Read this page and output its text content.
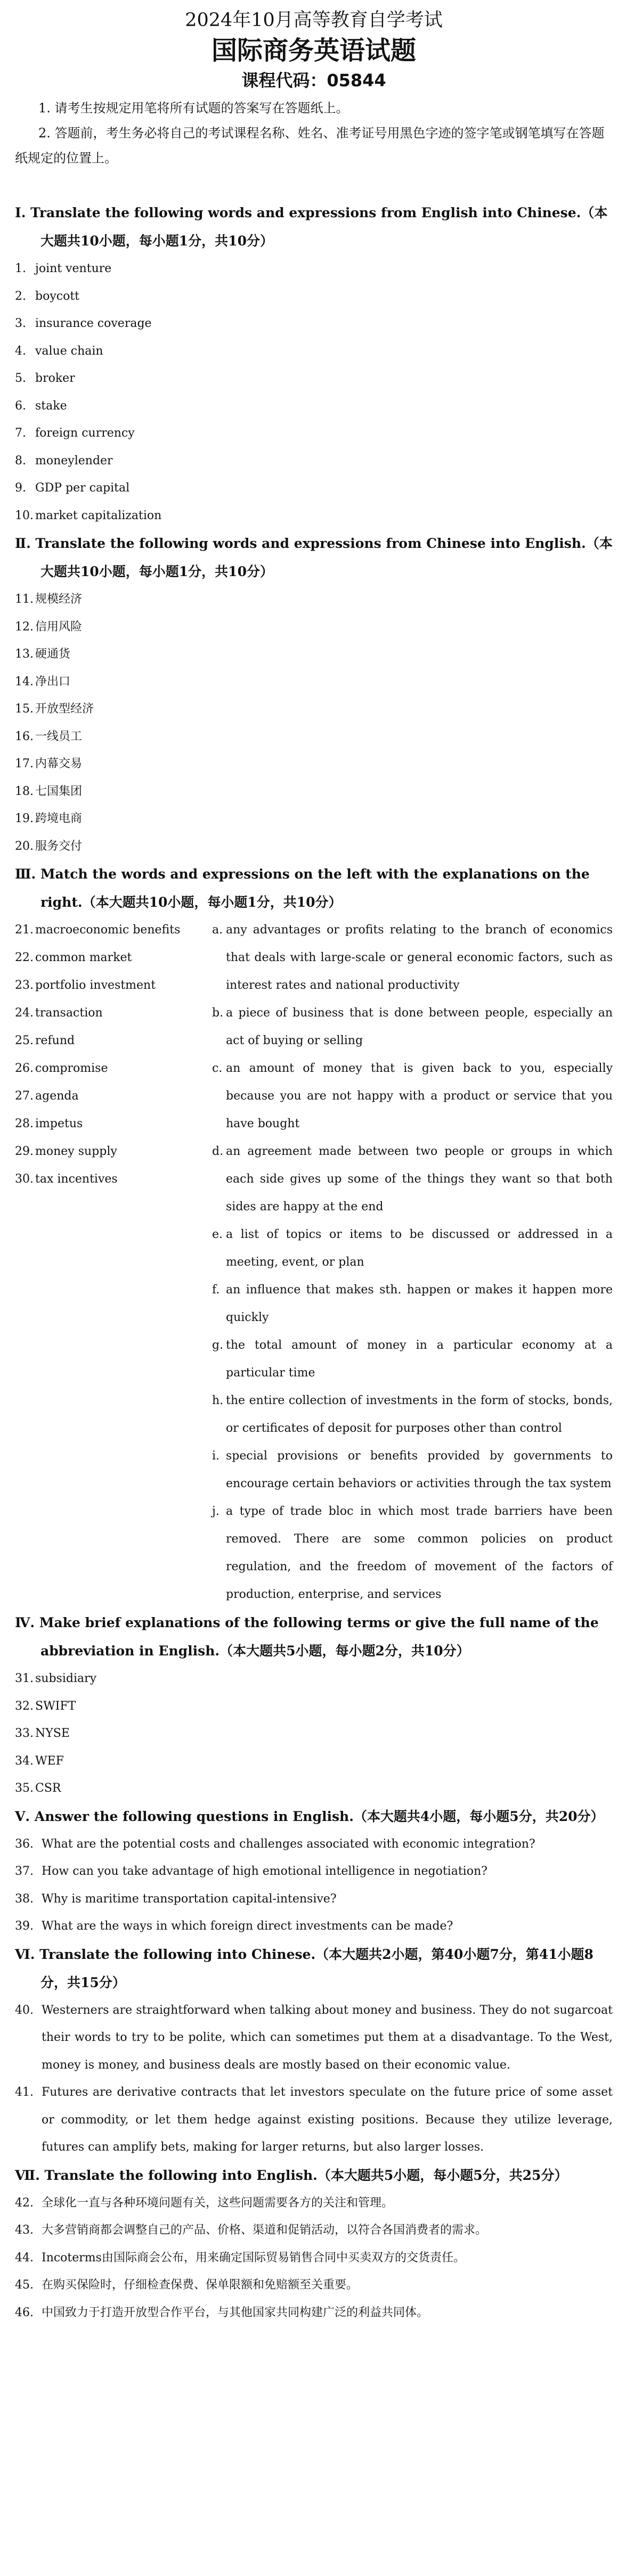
2024年10月高等教育自学考试
国际商务英语试题
课程代码：05844

1. 请考生按规定用笔将所有试题的答案写在答题纸上。

2. 答题前，考生务必将自己的考试课程名称、姓名、准考证号用黑色字迹的签字笔或钢笔填写在答题纸规定的位置上。

Ⅰ. Translate the following words and expressions from English into Chinese.（本大题共10小题，每小题1分，共10分）
1. joint venture
2. boycott
3. insurance coverage
4. value chain
5. broker
6. stake
7. foreign currency
8. moneylender
9. GDP per capital
10. market capitalization
Ⅱ. Translate the following words and expressions from Chinese into English.（本大题共10小题，每小题1分，共10分）
11. 规模经济
12. 信用风险
13. 硬通货
14. 净出口
15. 开放型经济
16. 一线员工
17. 内幕交易
18. 七国集团
19. 跨境电商
20. 服务交付
Ⅲ. Match the words and expressions on the left with the explanations on the right.（本大题共10小题，每小题1分，共10分）
21. macroeconomic benefits
22. common market
23. portfolio investment
24. transaction
25. refund
26. compromise
27. agenda
28. impetus
29. money supply
30. tax incentives
a. any advantages or profits relating to the branch of economics that deals with large-scale or general economic factors, such as interest rates and national productivity
b. a piece of business that is done between people, especially an act of buying or selling
c. an amount of money that is given back to you, especially because you are not happy with a product or service that you have bought
d. an agreement made between two people or groups in which each side gives up some of the things they want so that both sides are happy at the end
e. a list of topics or items to be discussed or addressed in a meeting, event, or plan
f. an influence that makes sth. happen or makes it happen more quickly
g. the total amount of money in a particular economy at a particular time
h. the entire collection of investments in the form of stocks, bonds, or certificates of deposit for purposes other than control
i. special provisions or benefits provided by governments to encourage certain behaviors or activities through the tax system
j. a type of trade bloc in which most trade barriers have been removed. There are some common policies on product regulation, and the freedom of movement of the factors of production, enterprise, and services
Ⅳ. Make brief explanations of the following terms or give the full name of the abbreviation in English.（本大题共5小题，每小题2分，共10分）
31. subsidiary
32. SWIFT
33. NYSE
34. WEF
35. CSR
Ⅴ. Answer the following questions in English.（本大题共4小题，每小题5分，共20分）
36. What are the potential costs and challenges associated with economic integration?
37. How can you take advantage of high emotional intelligence in negotiation?
38. Why is maritime transportation capital-intensive?
39. What are the ways in which foreign direct investments can be made?
Ⅵ. Translate the following into Chinese.（本大题共2小题，第40小题7分，第41小题8分，共15分）
40. Westerners are straightforward when talking about money and business. They do not sugarcoat their words to try to be polite, which can sometimes put them at a disadvantage. To the West, money is money, and business deals are mostly based on their economic value.
41. Futures are derivative contracts that let investors speculate on the future price of some asset or commodity, or let them hedge against existing positions. Because they utilize leverage, futures can amplify bets, making for larger returns, but also larger losses.
Ⅶ. Translate the following into English.（本大题共5小题，每小题5分，共25分）
42. 全球化一直与各种环境问题有关，这些问题需要各方的关注和管理。
43. 大多营销商都会调整自己的产品、价格、渠道和促销活动，以符合各国消费者的需求。
44. Incoterms由国际商会公布，用来确定国际贸易销售合同中买卖双方的交货责任。
45. 在购买保险时，仔细检查保费、保单限额和免赔额至关重要。
46. 中国致力于打造开放型合作平台，与其他国家共同构建广泛的利益共同体。
